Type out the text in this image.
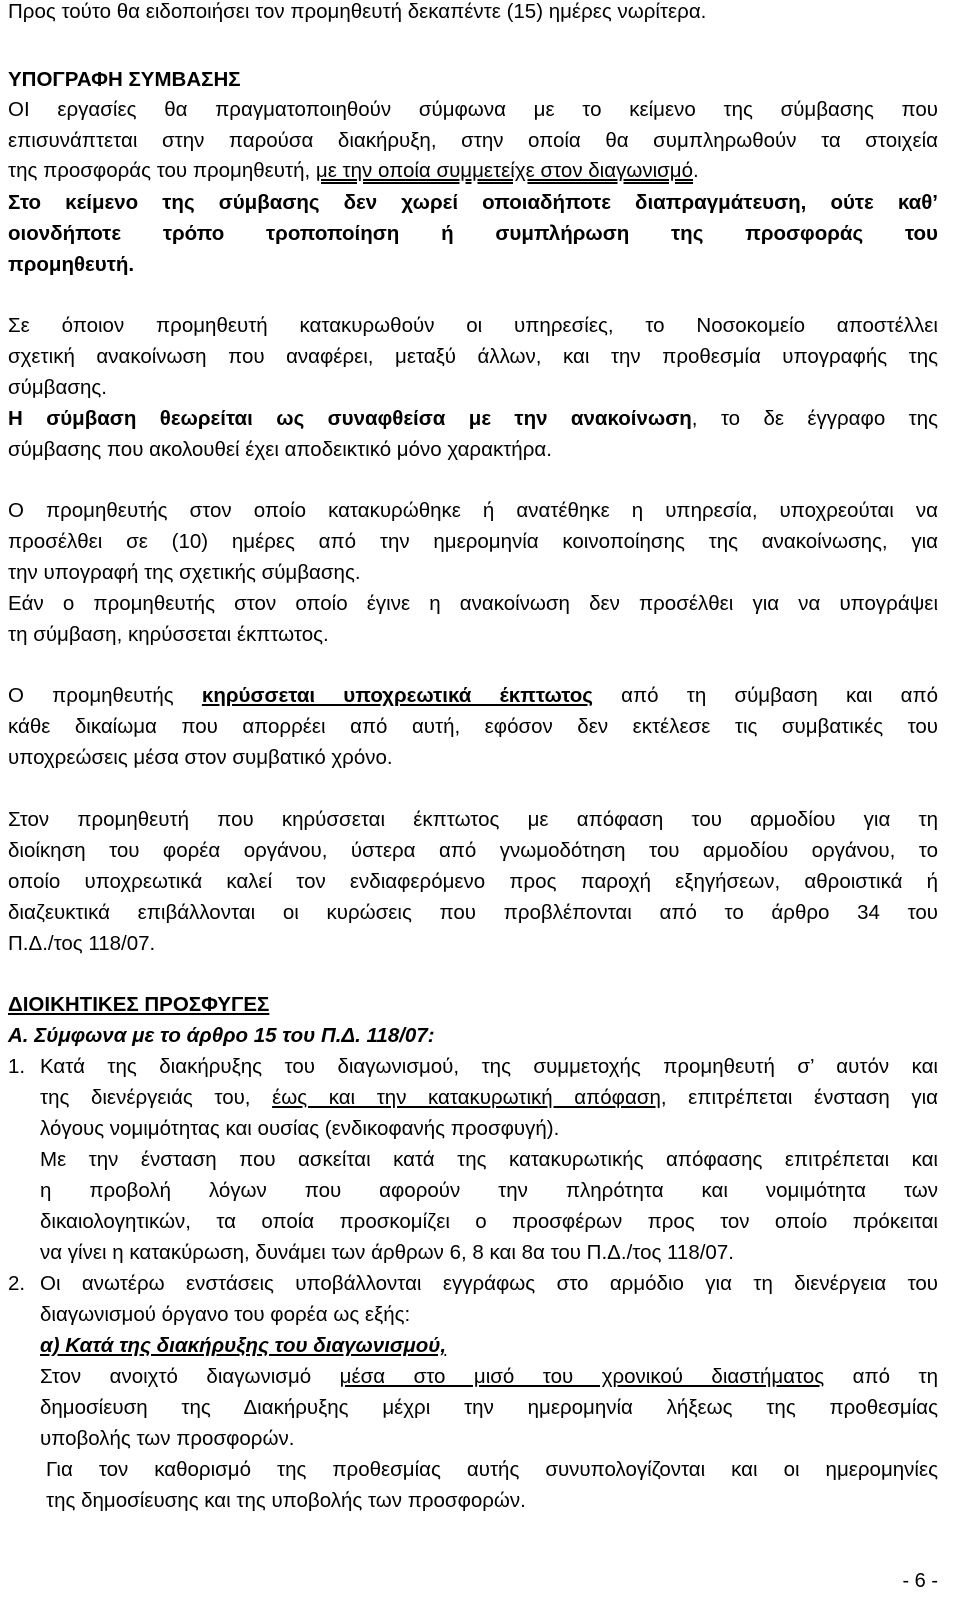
Προς τούτο θα ειδοποιήσει τον προμηθευτή δεκαπέντε (15) ημέρες νωρίτερα.
ΥΠΟΓΡΑΦΗ ΣΥΜΒΑΣΗΣ
ΟΙ εργασίες θα πραγματοποιηθούν σύμφωνα με το κείμενο της σύμβασης που
επισυνάπτεται στην παρούσα διακήρυξη, στην οποία θα συμπληρωθούν τα στοιχεία
της προσφοράς του προμηθευτή, με την οποία συμμετείχε στον διαγωνισμό.
Στο κείμενο της σύμβασης δεν χωρεί οποιαδήποτε διαπραγμάτευση, ούτε καθ’
οιονδήποτε τρόπο τροποποίηση ή συμπλήρωση της προσφοράς του
προμηθευτή.
Σε όποιον προμηθευτή κατακυρωθούν οι υπηρεσίες, το Νοσοκομείο αποστέλλει
σχετική ανακοίνωση που αναφέρει, μεταξύ άλλων, και την προθεσμία υπογραφής της
σύμβασης.
Η σύμβαση θεωρείται ως συναφθείσα με την ανακοίνωση, το δε έγγραφο της
σύμβασης που ακολουθεί έχει αποδεικτικό μόνο χαρακτήρα.
Ο προμηθευτής στον οποίο κατακυρώθηκε ή ανατέθηκε η υπηρεσία, υποχρεούται να
προσέλθει σε (10) ημέρες από την ημερομηνία κοινοποίησης της ανακοίνωσης, για
την υπογραφή της σχετικής σύμβασης.
Εάν ο προμηθευτής στον οποίο έγινε η ανακοίνωση δεν προσέλθει για να υπογράψει
τη σύμβαση, κηρύσσεται έκπτωτος.
Ο προμηθευτής κηρύσσεται υποχρεωτικά έκπτωτος από τη σύμβαση και από
κάθε δικαίωμα που απορρέει από αυτή, εφόσον δεν εκτέλεσε τις συμβατικές του
υποχρεώσεις μέσα στον συμβατικό χρόνο.
Στον προμηθευτή που κηρύσσεται έκπτωτος με απόφαση του αρμοδίου για τη
διοίκηση του φορέα οργάνου, ύστερα από γνωμοδότηση του αρμοδίου οργάνου, το
οποίο υποχρεωτικά καλεί τον ενδιαφερόμενο προς παροχή εξηγήσεων, αθροιστικά ή
διαζευκτικά επιβάλλονται οι κυρώσεις που προβλέπονται από το άρθρο 34 του
Π.Δ./τος 118/07.
ΔΙΟΙΚΗΤΙΚΕΣ ΠΡΟΣΦΥΓΕΣ
Α. Σύμφωνα με το άρθρο 15 του Π.Δ. 118/07:
1. Κατά της διακήρυξης του διαγωνισμού, της συμμετοχής προμηθευτή σ’ αυτόν και
της διενέργειάς του, έως και την κατακυρωτική απόφαση, επιτρέπεται ένσταση για
λόγους νομιμότητας και ουσίας (ενδικοφανής προσφυγή).
Με την ένσταση που ασκείται κατά της κατακυρωτικής απόφασης επιτρέπεται και
η προβολή λόγων που αφορούν την πληρότητα και νομιμότητα των
δικαιολογητικών, τα οποία προσκομίζει ο προσφέρων προς τον οποίο πρόκειται
να γίνει η κατακύρωση, δυνάμει των άρθρων 6, 8 και 8α του Π.Δ./τος 118/07.
2. Οι ανωτέρω ενστάσεις υποβάλλονται εγγράφως στο αρμόδιο για τη διενέργεια του
διαγωνισμού όργανο του φορέα ως εξής:
α) Κατά της διακήρυξης του διαγωνισμού,
Στον ανοιχτό διαγωνισμό μέσα στο μισό του χρονικού διαστήματος από τη
δημοσίευση της Διακήρυξης μέχρι την ημερομηνία λήξεως της προθεσμίας
υποβολής των προσφορών.
Για τον καθορισμό της προθεσμίας αυτής συνυπολογίζονται και οι ημερομηνίες
της δημοσίευσης και της υποβολής των προσφορών.
- 6 -
